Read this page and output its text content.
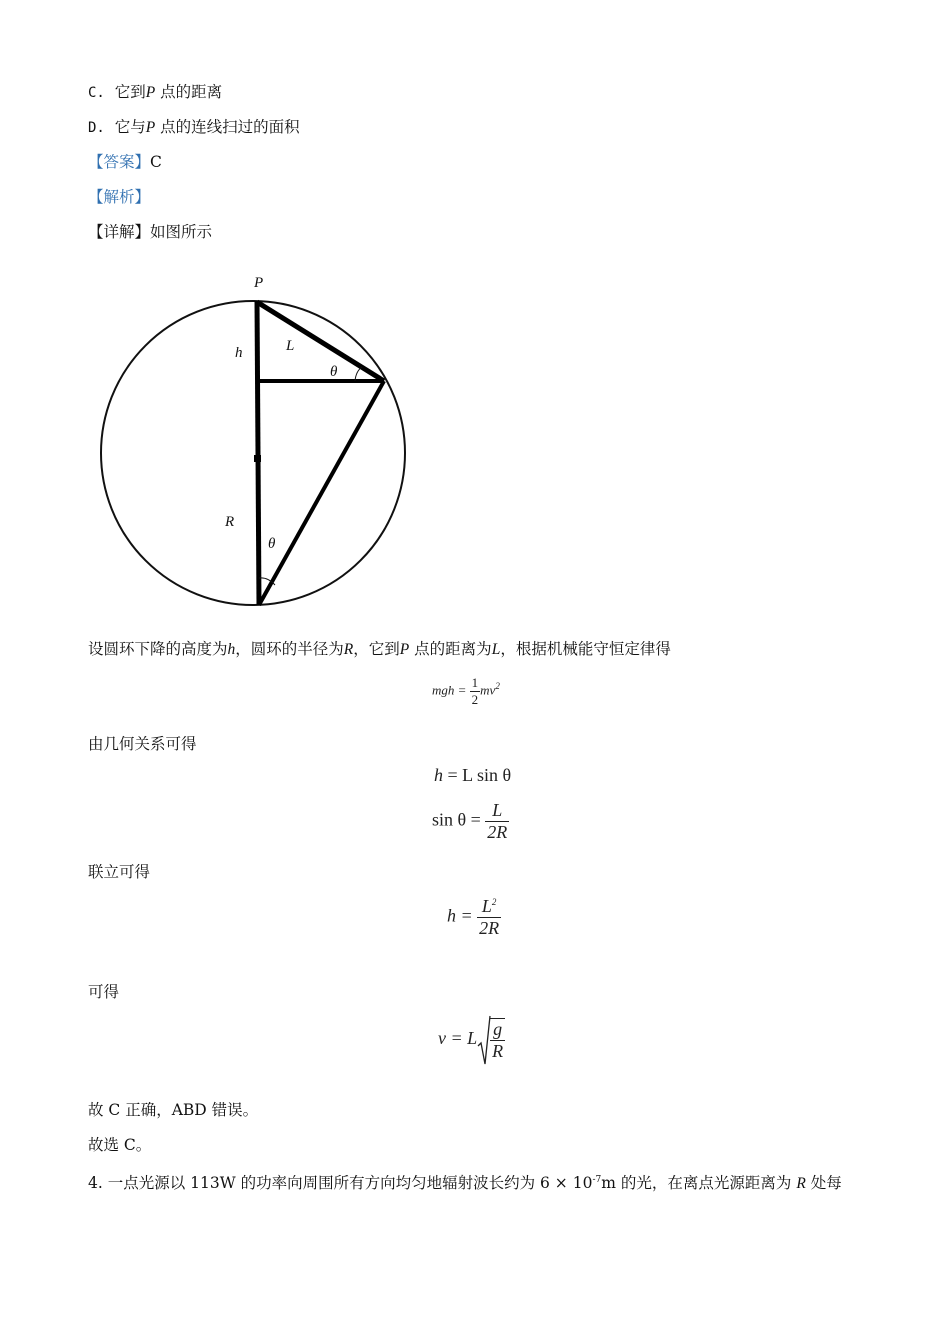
C. 它到P 点的距离
D. 它与P 点的连线扫过的面积
【答案】C
【解析】
【详解】如图所示
P
h	L
θ
R
θ
设圆环下降的高度为h，圆环的半径为R，它到P 点的距离为L，根据机械能守恒定律得
mgh = $\frac{1}{2} mv^2$
由几何关系可得
h = L sin θ
$\sin \theta = \frac{L}{2R}$
联立可得
$h = \frac{L^2}{2R}$
可得
v = L $\frac{g}{R}$
故 C 正确，ABD 错误。
故选 C。
4. 一点光源以 113W 的功率向周围所有方向均匀地辐射波长约为 $6 \times 10^{-7}m$ 的光，在离点光源距离为 R 处每
